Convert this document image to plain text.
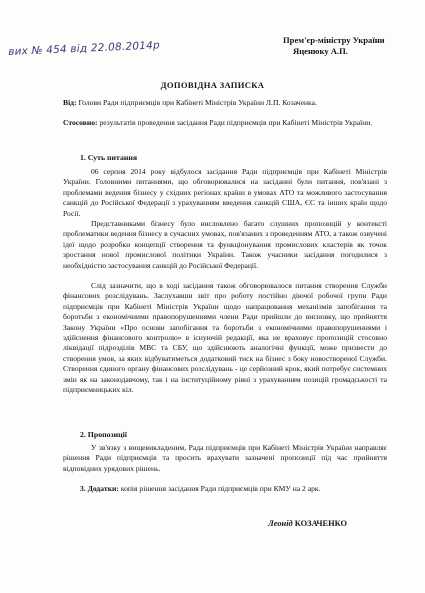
Прем'єр-міністру України
Яценюку А.П.
вих № 454 від 22.08.2014р
ДОПОВІДНА ЗАПИСКА
Від: Голови Ради підприємців при Кабінеті Міністрів України Л.П. Козаченка.
Стосовно: результатів проведення засідання Ради підприємців при Кабінеті Міністрів України.
1. Суть питання
06 серпня 2014 року відбулося засідання Ради підприємців при Кабінеті Міністрів України. Головними питаннями, що обговорювалися на засіданні були питання, пов'язані з проблемами ведення бізнесу у східних регіонах країни в умовах АТО та можливого застосування санкцій до Російської Федерації з урахуванням введення санкцій США, ЄС та інших країн щодо Росії.
Представниками бізнесу було висловлено багато слушних пропозицій у контексті проблематики ведення бізнесу в сучасних умовах, пов'язаних з проведенням АТО, а також озвучені ідеї щодо розробки концепції створення та функціонування промислових кластерів як точок зростання нової промислової політики України. Також учасники засідання погодилися з необхідністю застосування санкцій до Російської Федерації.
Слід зазначити, що в ході засідання також обговорювалося питання створення Служби фінансових розслідувань. Заслухавши звіт про роботу постійно діючої робочої групи Ради підприємців при Кабінеті Міністрів України щодо напрацювання механізмів запобігання та боротьби з економічними правопорушеннями члени Ради прийшли до висновку, що прийняття Закону України «Про основи запобігання та боротьби з економічними правопорушеннями і здійснення фінансового контролю» в існуючій редакції, яка не враховує пропозицій стосовно ліквідації підрозділів МВС та СБУ, що здійснюють аналогічні функції, може призвести до створення умов, за яких відбуватиметься додатковий тиск на бізнес з боку новоствореної Служби. Створення єдиного органу фінансових розслідувань - це серйозний крок, який потребує системних змін як на законодавчому, так і на інституційному рівні з урахуванням позицій громадськості та підприємницьких кіл.
2. Пропозиції
У зв'язку з вищевикладеним, Рада підприємців при Кабінеті Міністрів України направляє рішення Ради підприємців та просить врахувати зазначені пропозиції під час прийняття відповідних урядових рішень.
3. Додатки: копія рішення засідання Ради підприємців при КМУ на 2 арк.
Леонід КОЗАЧЕНКО
